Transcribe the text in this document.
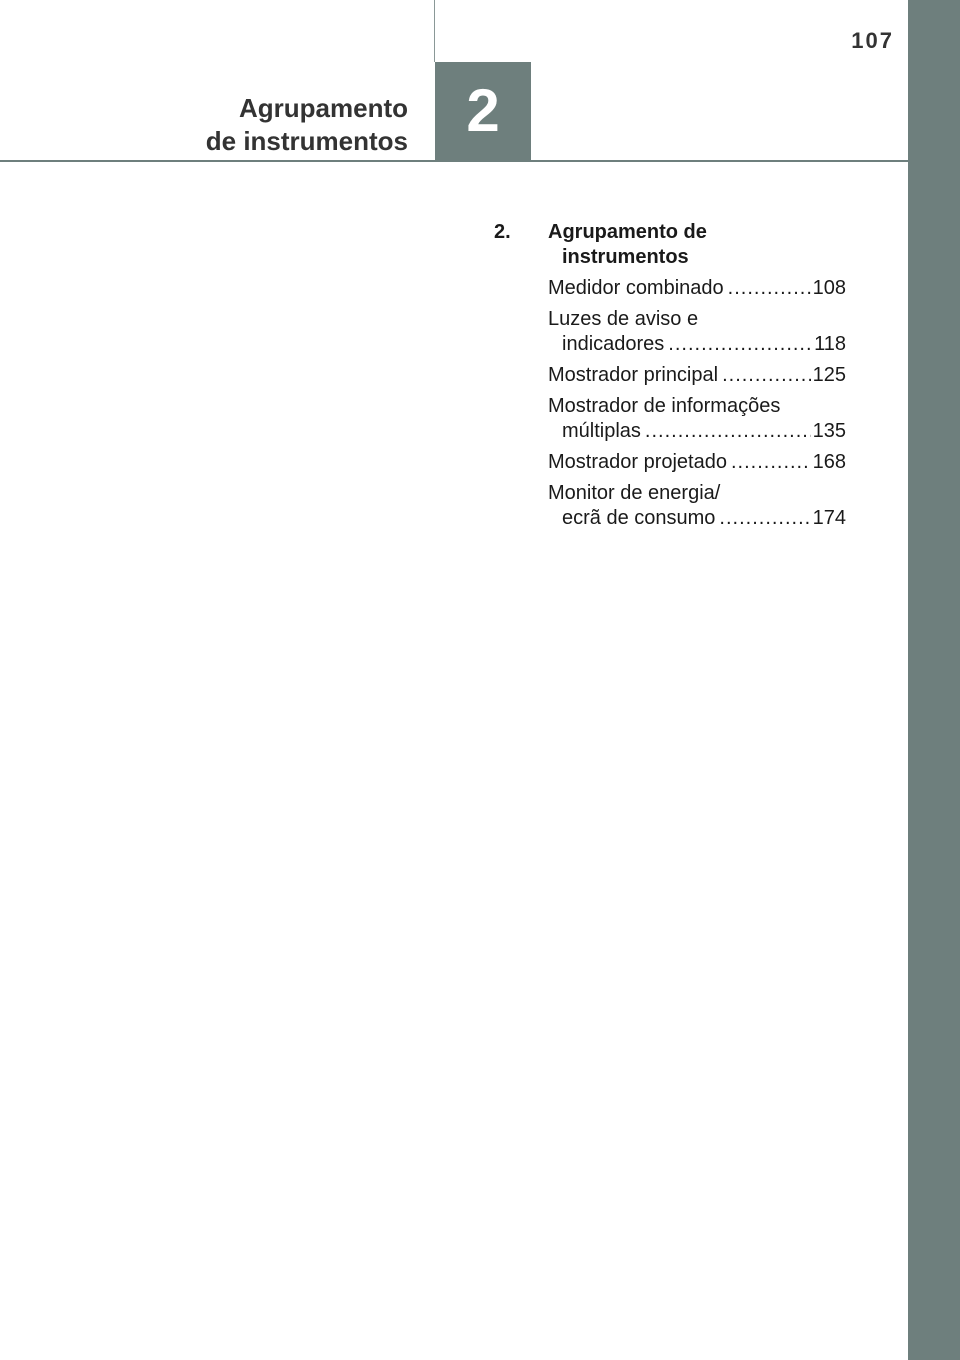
107
Agrupamento
de instrumentos 2
2.	Agrupamento de
instrumentos
Medidor combinado .....	108
Luzes de aviso e
indicadores .....	118
Mostrador principal .....	125
Mostrador de informações
múltiplas .....	135
Mostrador projetado .....	168
Monitor de energia/
ecrã de consumo .....	174
